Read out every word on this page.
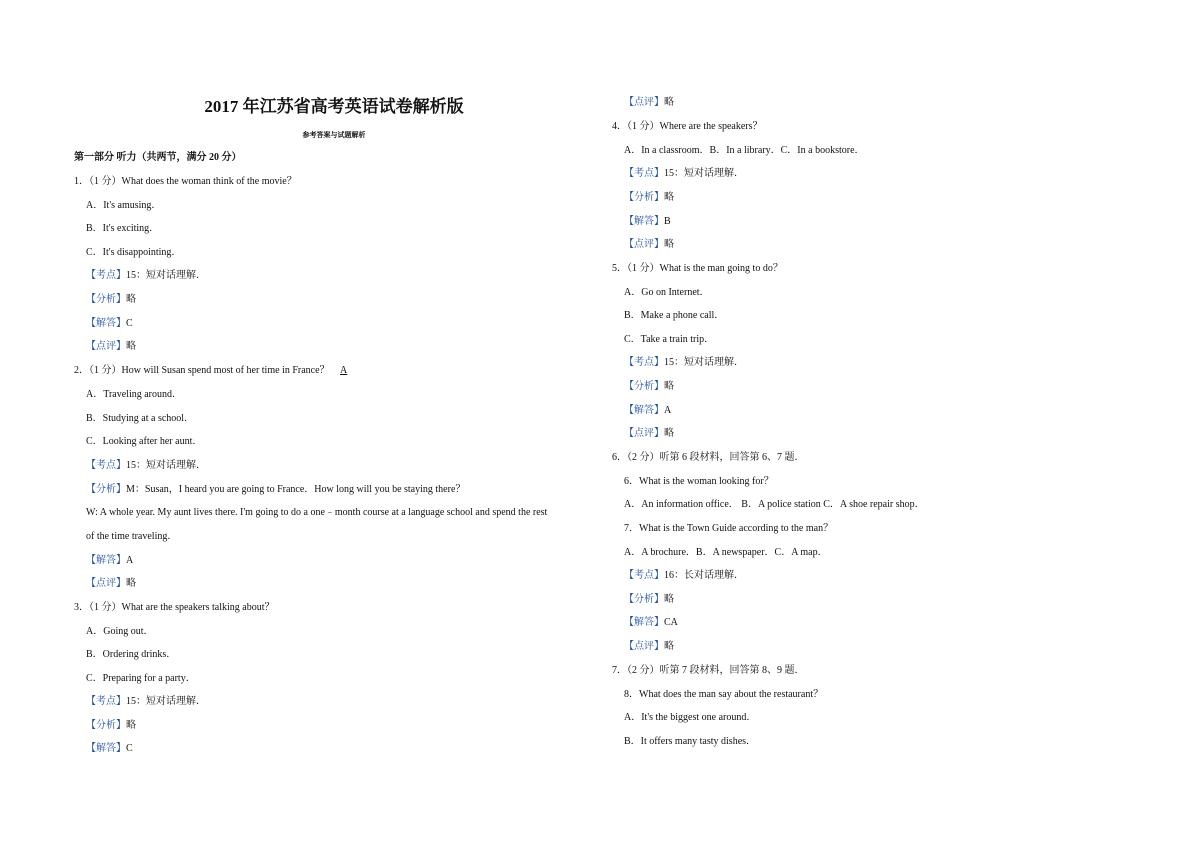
2017 年江苏省高考英语试卷解析版
参考答案与试题解析
第一部分 听力（共两节，满分 20 分）
1．（1 分）What does the woman think of the movie？
A．It's amusing．
B．It's exciting．
C．It's disappointing．
【考点】15：短对话理解．
【分析】略
【解答】C
【点评】略
2．（1 分）How will Susan spend most of her time in France？ A
A．Traveling around．
B．Studying at a school．
C．Looking after her aunt．
【考点】15：短对话理解．
【分析】M：Susan，I heard you are going to France．How long will you be staying there？
W: A whole year. My aunt lives there. I'm going to do a one﹣month course at a language school and spend the rest
of the time traveling．
【解答】A
【点评】略
3．（1 分）What are the speakers talking about？
A．Going out．
B．Ordering drinks．
C．Preparing for a party．
【考点】15：短对话理解．
【分析】略
【解答】C
【点评】略
4．（1 分）Where are the speakers？
A．In a classroom．B．In a library．C．In a bookstore．
【考点】15：短对话理解．
【分析】略
【解答】B
【点评】略
5．（1 分）What is the man going to do？
A．Go on Internet．
B．Make a phone call．
C．Take a train trip．
【考点】15：短对话理解．
【分析】略
【解答】A
【点评】略
6．（2 分）听第 6 段材料，回答第 6、7 题．
6．What is the woman looking for？
A．An information office． B．A police station C．A shoe repair shop．
7．What is the Town Guide according to the man？
A．A brochure．B．A newspaper．C．A map．
【考点】16：长对话理解．
【分析】略
【解答】CA
【点评】略
7．（2 分）听第 7 段材料，回答第 8、9 题．
8．What does the man say about the restaurant？
A．It's the biggest one around．
B．It offers many tasty dishes．
